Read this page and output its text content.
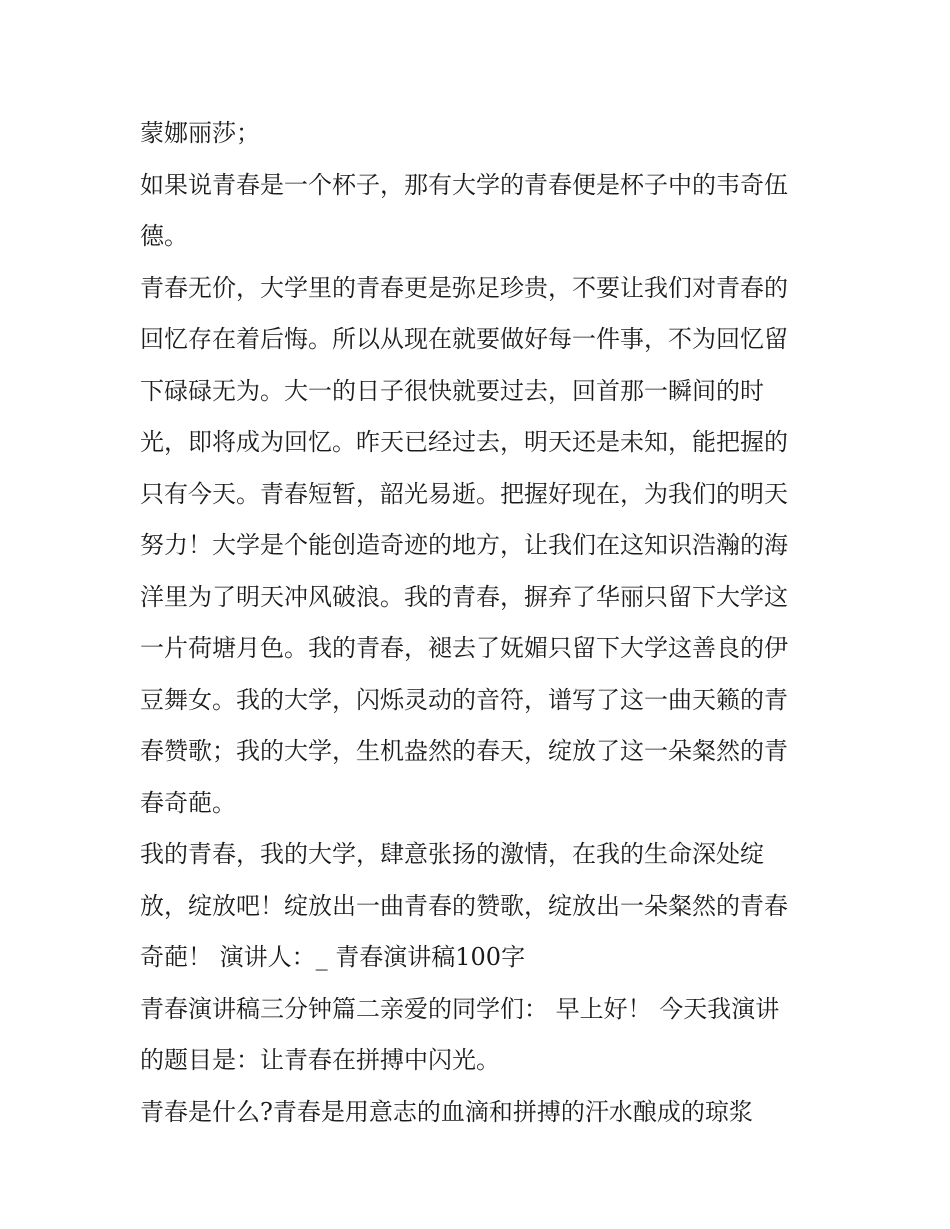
蒙娜丽莎；
如果说青春是一个杯子，那有大学的青春便是杯子中的韦奇伍
德。
青春无价，大学里的青春更是弥足珍贵，不要让我们对青春的
回忆存在着后悔。所以从现在就要做好每一件事，不为回忆留
下碌碌无为。大一的日子很快就要过去，回首那一瞬间的时
光，即将成为回忆。昨天已经过去，明天还是未知，能把握的
只有今天。青春短暂，韶光易逝。把握好现在，为我们的明天
努力！大学是个能创造奇迹的地方，让我们在这知识浩瀚的海
洋里为了明天冲风破浪。我的青春，摒弃了华丽只留下大学这
一片荷塘月色。我的青春，褪去了妩媚只留下大学这善良的伊
豆舞女。我的大学，闪烁灵动的音符，谱写了这一曲天籁的青
春赞歌；我的大学，生机盎然的春天，绽放了这一朵粲然的青
春奇葩。
我的青春，我的大学，肆意张扬的激情，在我的生命深处绽
放，绽放吧！绽放出一曲青春的赞歌，绽放出一朵粲然的青春
奇葩！ 演讲人：_ 青春演讲稿100字
青春演讲稿三分钟篇二亲爱的同学们： 早上好！ 今天我演讲
的题目是：让青春在拼搏中闪光。
青春是什么?青春是用意志的血滴和拼搏的汗水酿成的琼浆
